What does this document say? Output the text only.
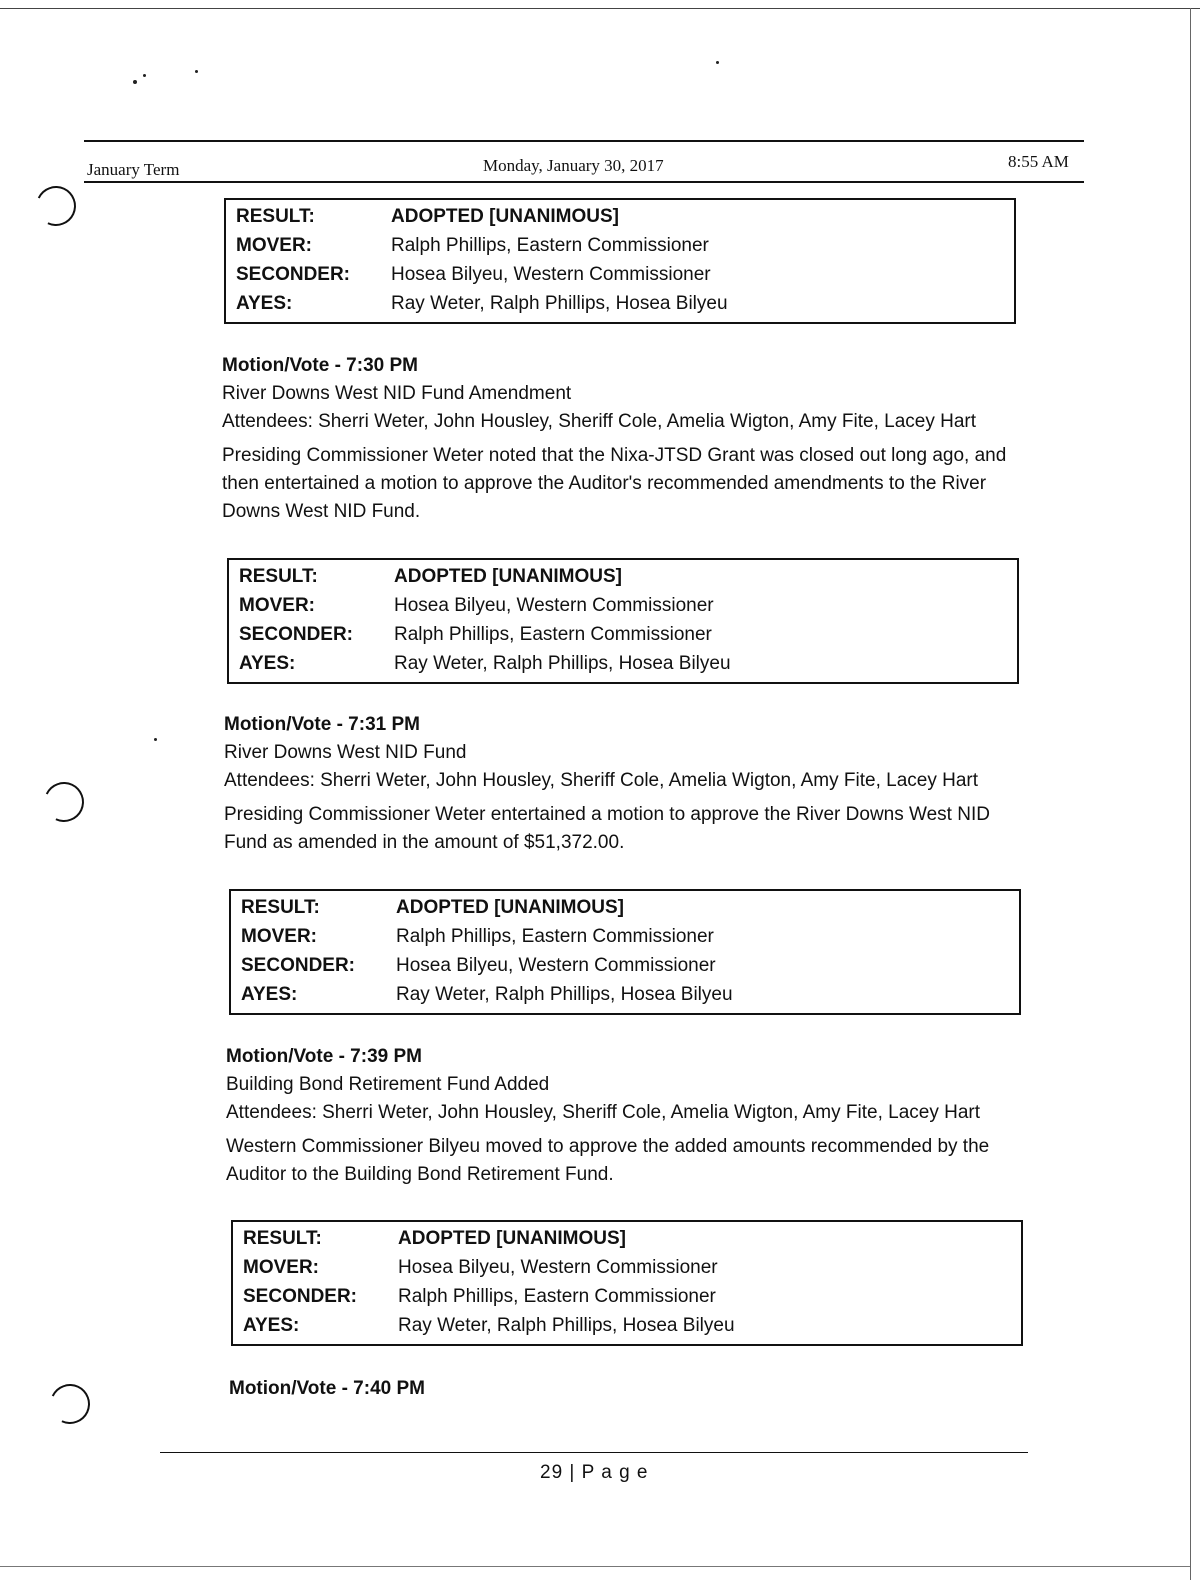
January Term	Monday, January 30, 2017	8:55 AM
RESULT:	ADOPTED [UNANIMOUS]
MOVER:	Ralph Phillips, Eastern Commissioner
SECONDER:	Hosea Bilyeu, Western Commissioner
AYES:	Ray Weter, Ralph Phillips, Hosea Bilyeu
Motion/Vote - 7:30 PM
River Downs West NID Fund Amendment
Attendees: Sherri Weter, John Housley, Sheriff Cole, Amelia Wigton, Amy Fite, Lacey Hart
Presiding Commissioner Weter noted that the Nixa-JTSD Grant was closed out long ago, and then entertained a motion to approve the Auditor's recommended amendments to the River Downs West NID Fund.
RESULT:	ADOPTED [UNANIMOUS]
MOVER:	Hosea Bilyeu, Western Commissioner
SECONDER:	Ralph Phillips, Eastern Commissioner
AYES:	Ray Weter, Ralph Phillips, Hosea Bilyeu
Motion/Vote - 7:31 PM
River Downs West NID Fund
Attendees: Sherri Weter, John Housley, Sheriff Cole, Amelia Wigton, Amy Fite, Lacey Hart
Presiding Commissioner Weter entertained a motion to approve the River Downs West NID Fund as amended in the amount of $51,372.00.
RESULT:	ADOPTED [UNANIMOUS]
MOVER:	Ralph Phillips, Eastern Commissioner
SECONDER:	Hosea Bilyeu, Western Commissioner
AYES:	Ray Weter, Ralph Phillips, Hosea Bilyeu
Motion/Vote - 7:39 PM
Building Bond Retirement Fund Added
Attendees: Sherri Weter, John Housley, Sheriff Cole, Amelia Wigton, Amy Fite, Lacey Hart
Western Commissioner Bilyeu moved to approve the added amounts recommended by the Auditor to the Building Bond Retirement Fund.
RESULT:	ADOPTED [UNANIMOUS]
MOVER:	Hosea Bilyeu, Western Commissioner
SECONDER:	Ralph Phillips, Eastern Commissioner
AYES:	Ray Weter, Ralph Phillips, Hosea Bilyeu
Motion/Vote - 7:40 PM
29 | P a g e
